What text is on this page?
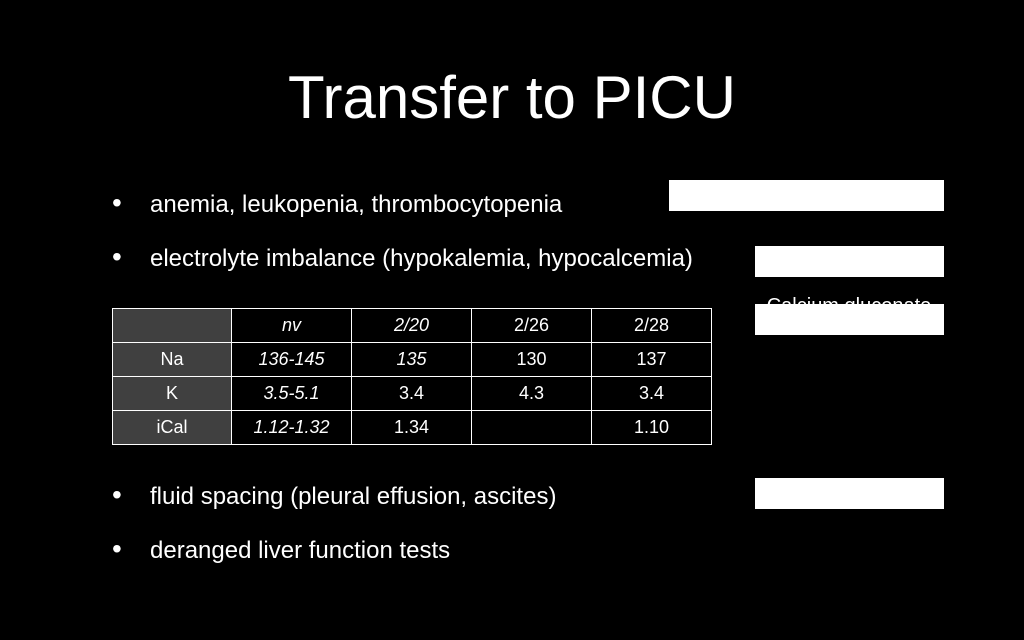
Transfer to PICU
• anemia, leukopenia, thrombocytopenia
• electrolyte imbalance (hypokalemia, hypocalcemia)
	nv	2/20	2/26	2/28
Na	136-145	135	130	137
K	3.5-5.1	3.4	4.3	3.4
iCal	1.12-1.32	1.34		1.10
• fluid spacing (pleural effusion, ascites)
• deranged liver function tests
